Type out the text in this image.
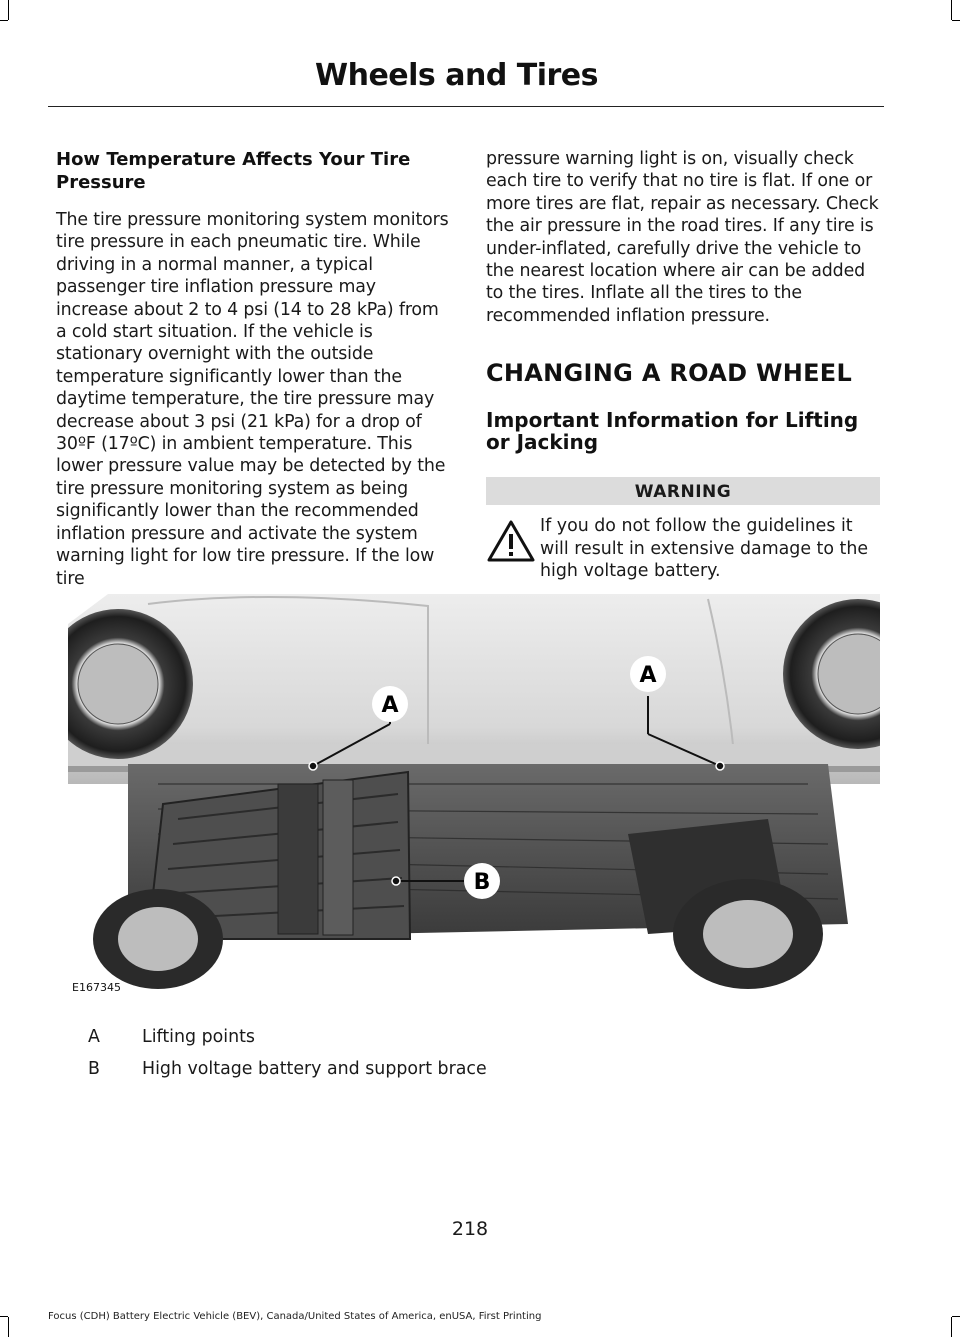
Wheels and Tires
How Temperature Affects Your Tire Pressure

The tire pressure monitoring system monitors tire pressure in each pneumatic tire. While driving in a normal manner, a typical passenger tire inflation pressure may increase about 2 to 4 psi (14 to 28 kPa) from a cold start situation. If the vehicle is stationary overnight with the outside temperature significantly lower than the daytime temperature, the tire pressure may decrease about 3 psi (21 kPa) for a drop of 30ºF (17ºC) in ambient temperature. This lower pressure value may be detected by the tire pressure monitoring system as being significantly lower than the recommended inflation pressure and activate the system warning light for low tire pressure. If the low tire

pressure warning light is on, visually check each tire to verify that no tire is flat. If one or more tires are flat, repair as necessary. Check the air pressure in the road tires. If any tire is under-inflated, carefully drive the vehicle to the nearest location where air can be added to the tires. Inflate all the tires to the recommended inflation pressure.

CHANGING A ROAD WHEEL
Important Information for Lifting or Jacking
WARNING
If you do not follow the guidelines it will result in extensive damage to the high voltage battery.
A
A
B
E167345
A	Lifting points
B	High voltage battery and support brace
218
Focus (CDH) Battery Electric Vehicle (BEV), Canada/United States of America, enUSA, First Printing
